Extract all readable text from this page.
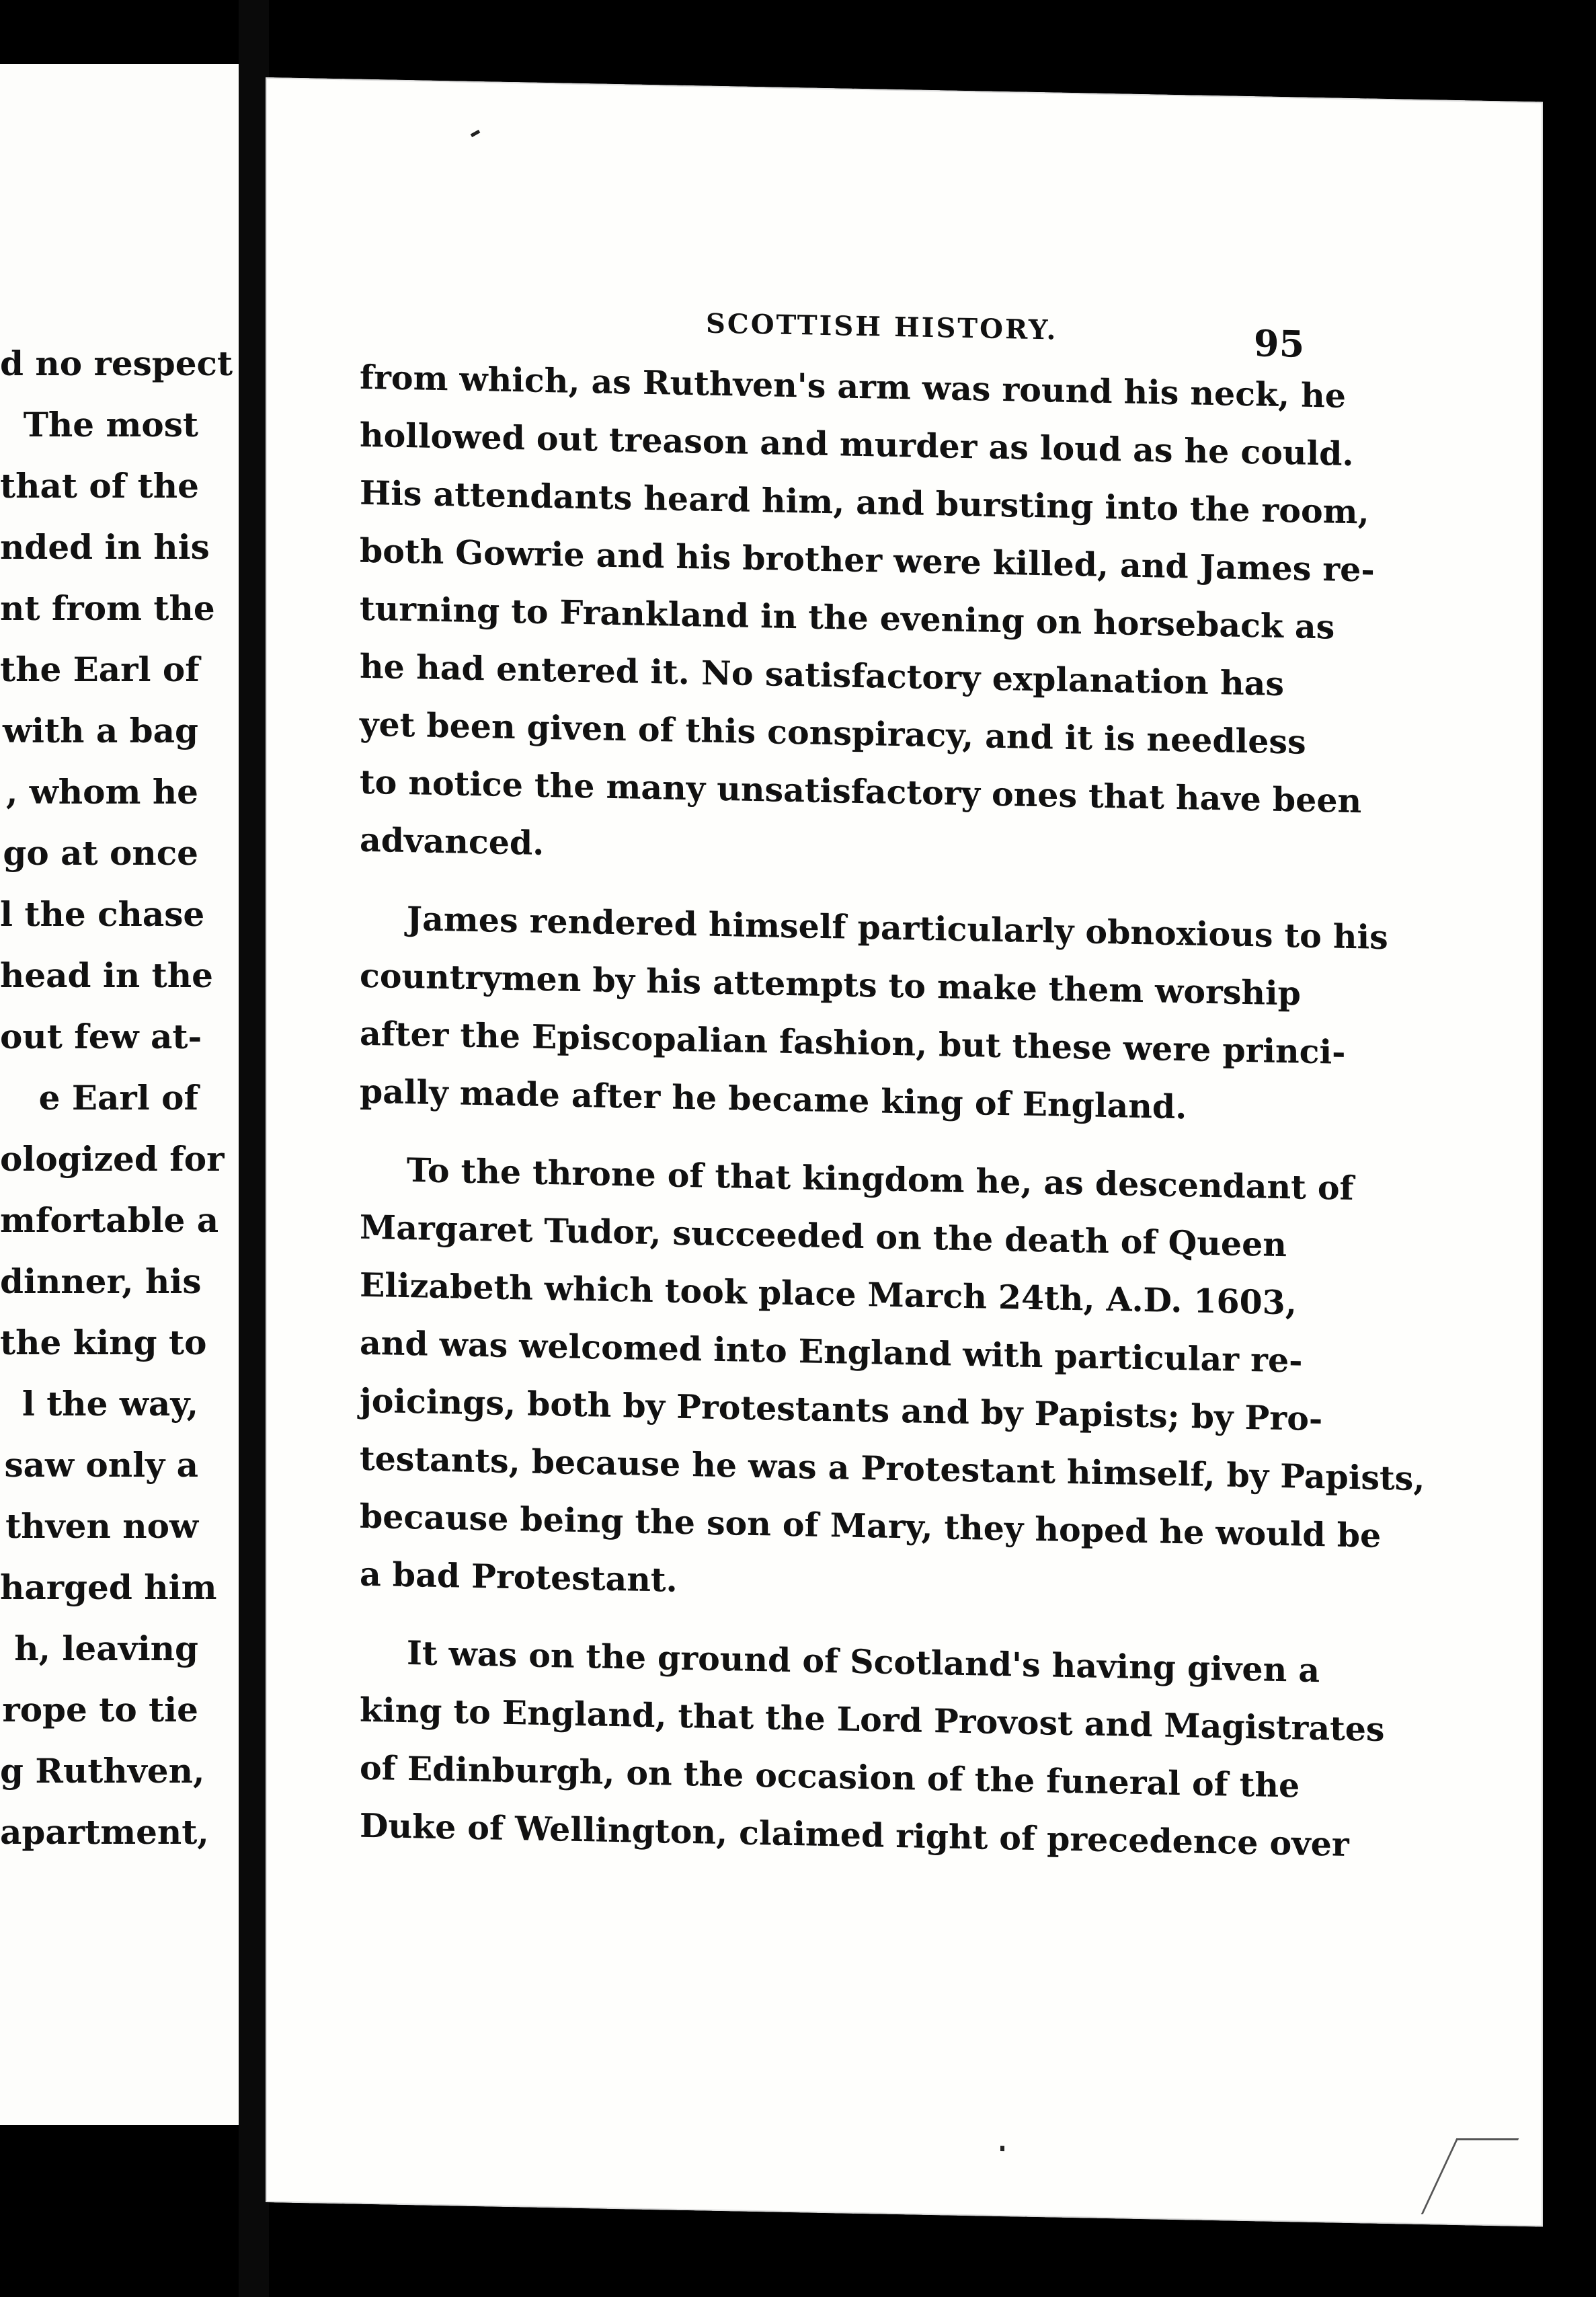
d no respect
The most
that of the
nded in his
nt from the
the Earl of
with a bag
, whom he
go at once
l the chase
head in the
out few at-
e Earl of
ologized for
mfortable a
dinner, his
the king to
l the way,
saw only a
thven now
harged him
h, leaving
rope to tie
g Ruthven,
apartment,
SCOTTISH HISTORY.	95
from which, as Ruthven's arm was round his neck, he
hollowed out treason and murder as loud as he could.
His attendants heard him, and bursting into the room,
both Gowrie and his brother were killed, and James re-
turning to Frankland in the evening on horseback as
he had entered it. No satisfactory explanation has
yet been given of this conspiracy, and it is needless
to notice the many unsatisfactory ones that have been
advanced.
James rendered himself particularly obnoxious to his
countrymen by his attempts to make them worship
after the Episcopalian fashion, but these were princi-
pally made after he became king of England.
To the throne of that kingdom he, as descendant of
Margaret Tudor, succeeded on the death of Queen
Elizabeth which took place March 24th, A.D. 1603,
and was welcomed into England with particular re-
joicings, both by Protestants and by Papists; by Pro-
testants, because he was a Protestant himself, by Papists,
because being the son of Mary, they hoped he would be
a bad Protestant.
It was on the ground of Scotland's having given a
king to England, that the Lord Provost and Magistrates
of Edinburgh, on the occasion of the funeral of the
Duke of Wellington, claimed right of precedence over
